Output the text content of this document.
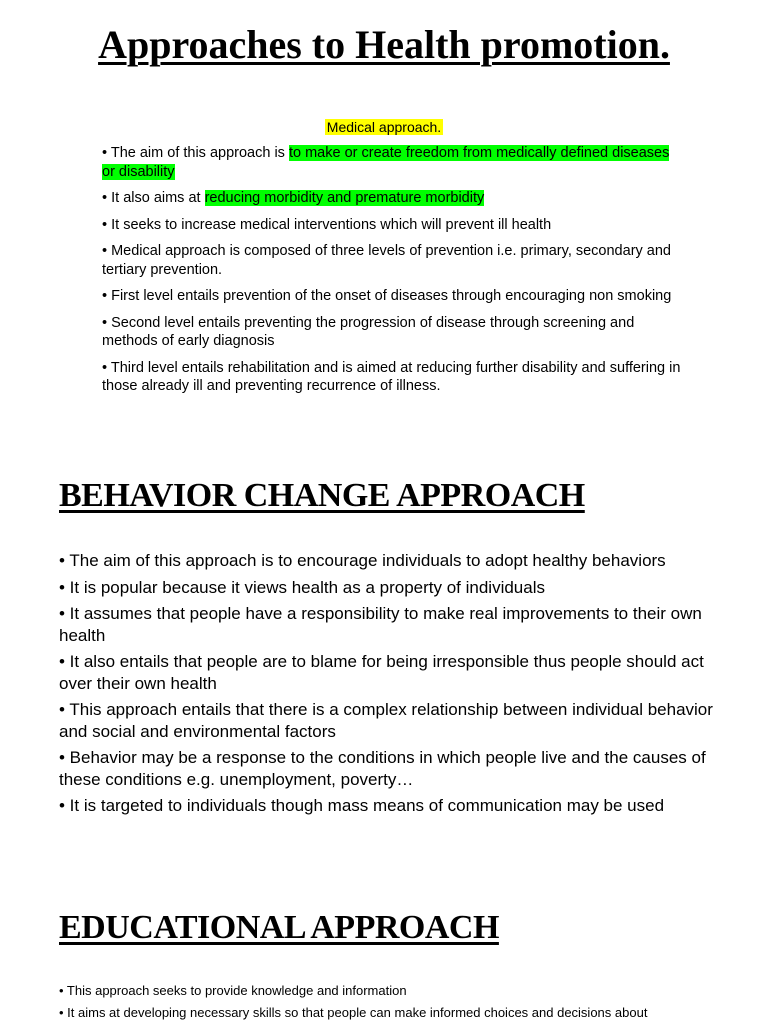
Approaches to Health promotion.
Medical approach.
• The aim of this approach is to make or create freedom from medically defined diseases or disability
• It also aims at reducing morbidity and premature morbidity
• It seeks to increase medical interventions which will prevent ill health
• Medical approach is composed of three levels of prevention i.e. primary, secondary and tertiary prevention.
• First level entails prevention of the onset of diseases through encouraging non smoking
• Second level entails preventing the progression of disease through screening and methods of early diagnosis
• Third level entails rehabilitation and is aimed at reducing further disability and suffering in those already ill and preventing recurrence of illness.
BEHAVIOR CHANGE APPROACH
• The aim of this approach is to encourage individuals to adopt healthy behaviors
• It is popular because it views health as a property of individuals
• It assumes that people have a responsibility to make real improvements to their own health
• It also entails that people are to blame for being irresponsible thus people should act over their own health
• This approach entails that there is a complex relationship between individual behavior and social and environmental factors
• Behavior may be a response to the conditions in which people live and the causes of these conditions e.g. unemployment, poverty…
• It is targeted to individuals though mass means of communication may be used
EDUCATIONAL APPROACH
• This approach seeks to provide knowledge and information
• It aims at developing necessary skills so that people can make informed choices and decisions about
